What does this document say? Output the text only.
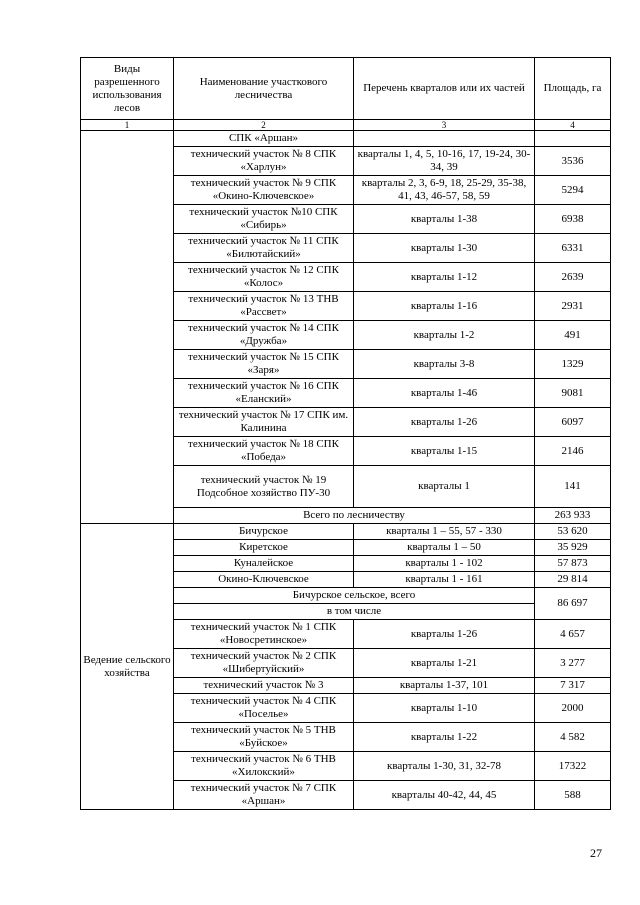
Виды разрешенного использования лесов	Наименование участкового лесничества	Перечень кварталов или их частей	Площадь, га
1	2	3	4
	СПК «Аршан»		
	технический участок № 8 СПК «Харлун»	кварталы 1, 4, 5, 10-16, 17, 19-24, 30-34, 39	3536
	технический участок № 9 СПК «Окино-Ключевское»	кварталы 2, 3, 6-9, 18, 25-29, 35-38, 41, 43, 46-57, 58, 59	5294
	технический участок №10 СПК «Сибирь»	кварталы 1-38	6938
	технический участок № 11 СПК «Билютайский»	кварталы 1-30	6331
	технический участок № 12 СПК «Колос»	кварталы 1-12	2639
	технический участок № 13 ТНВ «Рассвет»	кварталы 1-16	2931
	технический участок № 14 СПК «Дружба»	кварталы 1-2	491
	технический участок № 15 СПК «Заря»	кварталы 3-8	1329
	технический участок № 16 СПК «Еланский»	кварталы 1-46	9081
	технический участок № 17 СПК им. Калинина	кварталы 1-26	6097
	технический участок № 18 СПК «Победа»	кварталы 1-15	2146
	технический участок № 19 Подсобное хозяйство ПУ-30	кварталы 1	141
	Всего по лесничеству		263 933
Ведение сельского хозяйства	Бичурское	кварталы 1 – 55, 57 - 330	53 620
	Киретское	кварталы 1 – 50	35 929
	Куналейское	кварталы 1 - 102	57 873
	Окино-Ключевское	кварталы 1 - 161	29 814
	Бичурское сельское, всего		86 697
	в том числе		
	технический участок № 1 СПК «Новосретинское»	кварталы 1-26	4 657
	технический участок № 2 СПК «Шибертуйский»	кварталы 1-21	3 277
	технический участок № 3	кварталы 1-37, 101	7 317
	технический участок № 4 СПК «Поселье»	кварталы 1-10	2000
	технический участок № 5 ТНВ «Буйское»	кварталы 1-22	4 582
	технический участок № 6 ТНВ «Хилокский»	кварталы 1-30, 31, 32-78	17322
	технический участок № 7 СПК «Аршан»	кварталы 40-42, 44, 45	588
27
